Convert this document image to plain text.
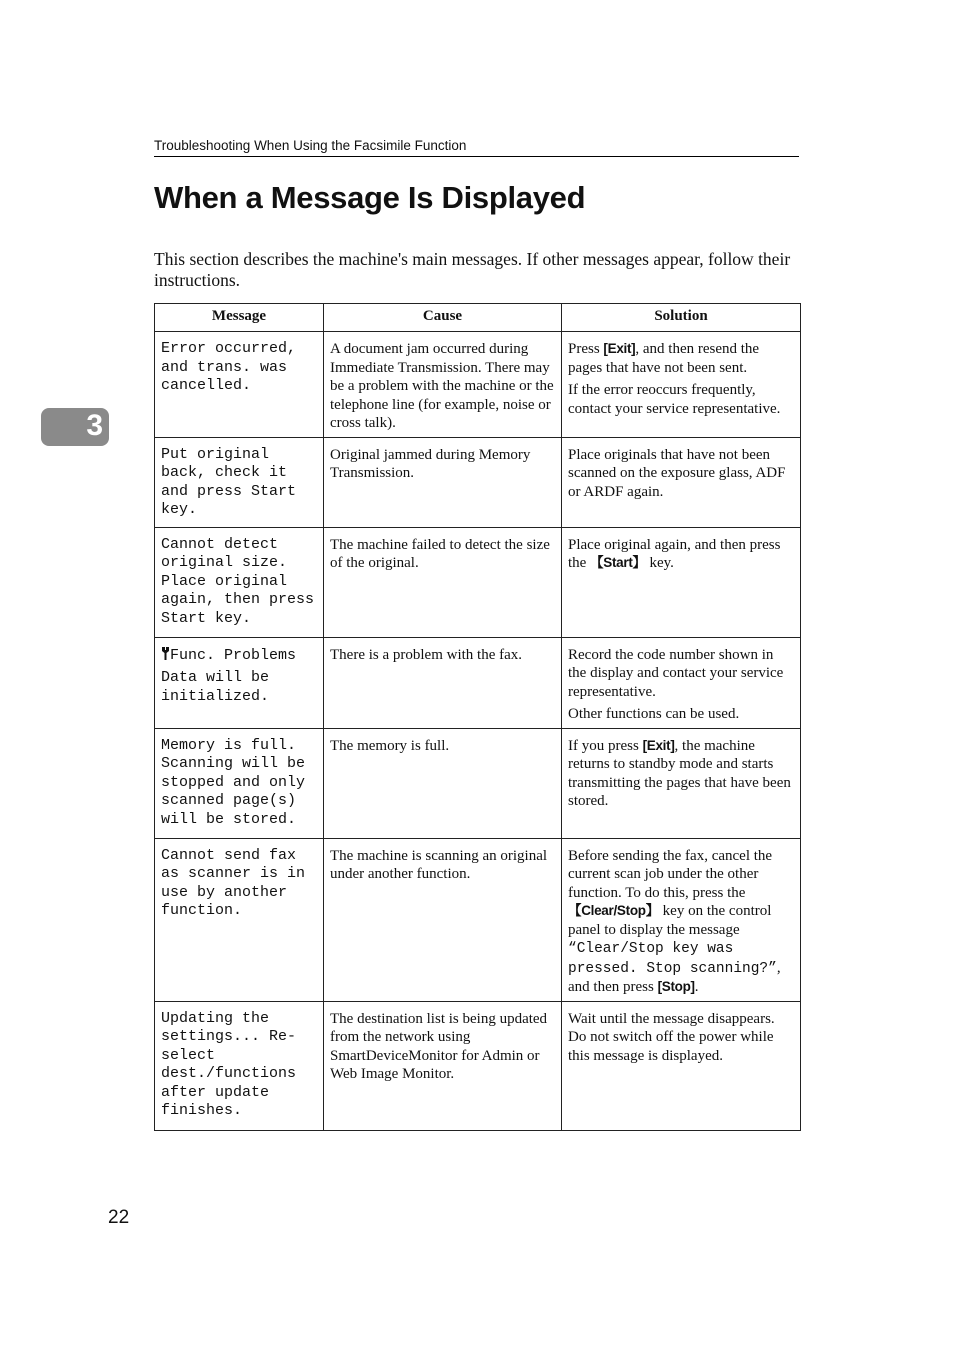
Troubleshooting When Using the Facsimile Function
When a Message Is Displayed

This section describes the machine's main messages. If other messages appear, follow their instructions.

3
Message	Cause	Solution
Error occurred, and trans. was cancelled.	A document jam occurred during Immediate Transmission. There may be a problem with the machine or the telephone line (for example, noise or cross talk).	Press [Exit], and then resend the pages that have not been sent.
If the error reoccurs frequently, contact your service representative.

Put original back, check it and press Start key.	Original jammed during Memory Transmission.	Place originals that have not been scanned on the exposure glass, ADF or ARDF again.
Cannot detect original size. Place original again, then press Start key.	The machine failed to detect the size of the original.	Place original again, and then press the 【Start】 key.

Func. Problems
Data will be initialized.	There is a problem with the fax.	Record the code number shown in the display and contact your service representative.
Other functions can be used.

Memory is full. Scanning will be stopped and only scanned page(s) will be stored.	The memory is full.	If you press [Exit], the machine returns to standby mode and starts transmitting the pages that have been stored.
Cannot send fax as scanner is in use by another function.	The machine is scanning an original under another function.	Before sending the fax, cancel the current scan job under the other function. To do this, press the 【Clear/Stop】 key on the control panel to display the message “Clear/Stop key was pressed. Stop scanning?”, and then press [Stop].
Updating the settings... Re-select dest./functions after update finishes.	The destination list is being updated from the network using SmartDeviceMonitor for Admin or Web Image Monitor.	Wait until the message disappears. Do not switch off the power while this message is displayed.
22
